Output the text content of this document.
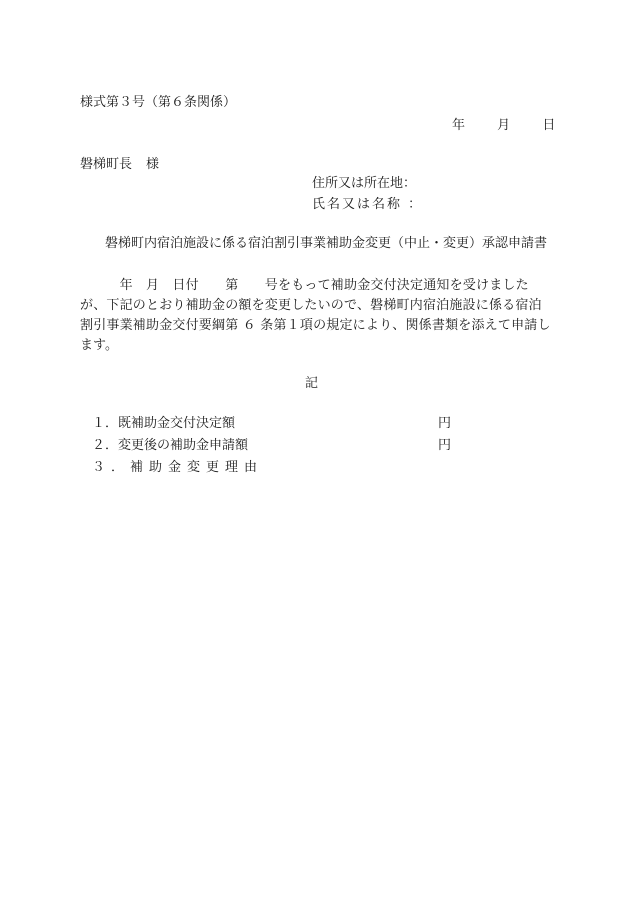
様式第３号（第６条関係）
年 月 日
磐梯町長 様
住所又は所在地：
氏名又は名称 ：
磐梯町内宿泊施設に係る宿泊割引事業補助金変更（中止・変更）承認申請書

　　　年　月　日付　　第　　号をもって補助金交付決定通知を受けました

が、下記のとおり補助金の額を変更したいので、磐梯町内宿泊施設に係る宿泊

割引事業補助金交付要綱第 ６ 条第１項の規定により、関係書類を添えて申請し

ます。

記
１．既補助金交付決定額	円
２．変更後の補助金申請額	円
３．補助金変更理由
